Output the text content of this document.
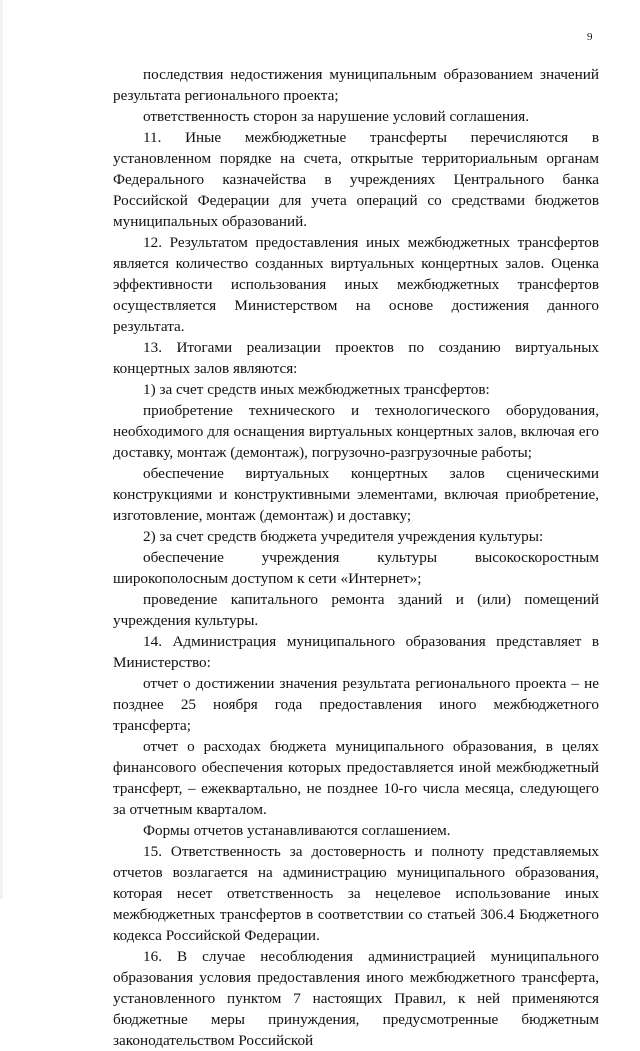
9

последствия недостижения муниципальным образованием значений результата регионального проекта;

ответственность сторон за нарушение условий соглашения.

11. Иные межбюджетные трансферты перечисляются в установленном порядке на счета, открытые территориальным органам Федерального казначейства в учреждениях Центрального банка Российской Федерации для учета операций со средствами бюджетов муниципальных образований.

12. Результатом предоставления иных межбюджетных трансфертов является количество созданных виртуальных концертных залов. Оценка эффективности использования иных межбюджетных трансфертов осуществляется Министерством на основе достижения данного результата.

13. Итогами реализации проектов по созданию виртуальных концертных залов являются:

1) за счет средств иных межбюджетных трансфертов:

приобретение технического и технологического оборудования, необходимого для оснащения виртуальных концертных залов, включая его доставку, монтаж (демонтаж), погрузочно-разгрузочные работы;

обеспечение виртуальных концертных залов сценическими конструкциями и конструктивными элементами, включая приобретение, изготовление, монтаж (демонтаж) и доставку;

2) за счет средств бюджета учредителя учреждения культуры:

обеспечение учреждения культуры высокоскоростным широкополосным доступом к сети «Интернет»;

проведение капитального ремонта зданий и (или) помещений учреждения культуры.

14. Администрация муниципального образования представляет в Министерство:

отчет о достижении значения результата регионального проекта – не позднее 25 ноября года предоставления иного межбюджетного трансферта;

отчет о расходах бюджета муниципального образования, в целях финансового обеспечения которых предоставляется иной межбюджетный трансферт, – ежеквартально, не позднее 10-го числа месяца, следующего за отчетным кварталом.

Формы отчетов устанавливаются соглашением.

15. Ответственность за достоверность и полноту представляемых отчетов возлагается на администрацию муниципального образования, которая несет ответственность за нецелевое использование иных межбюджетных трансфертов в соответствии со статьей 306.4 Бюджетного кодекса Российской Федерации.

16. В случае несоблюдения администрацией муниципального образования условия предоставления иного межбюджетного трансферта, установленного пунктом 7 настоящих Правил, к ней применяются бюджетные меры принуждения, предусмотренные бюджетным законодательством Российской
